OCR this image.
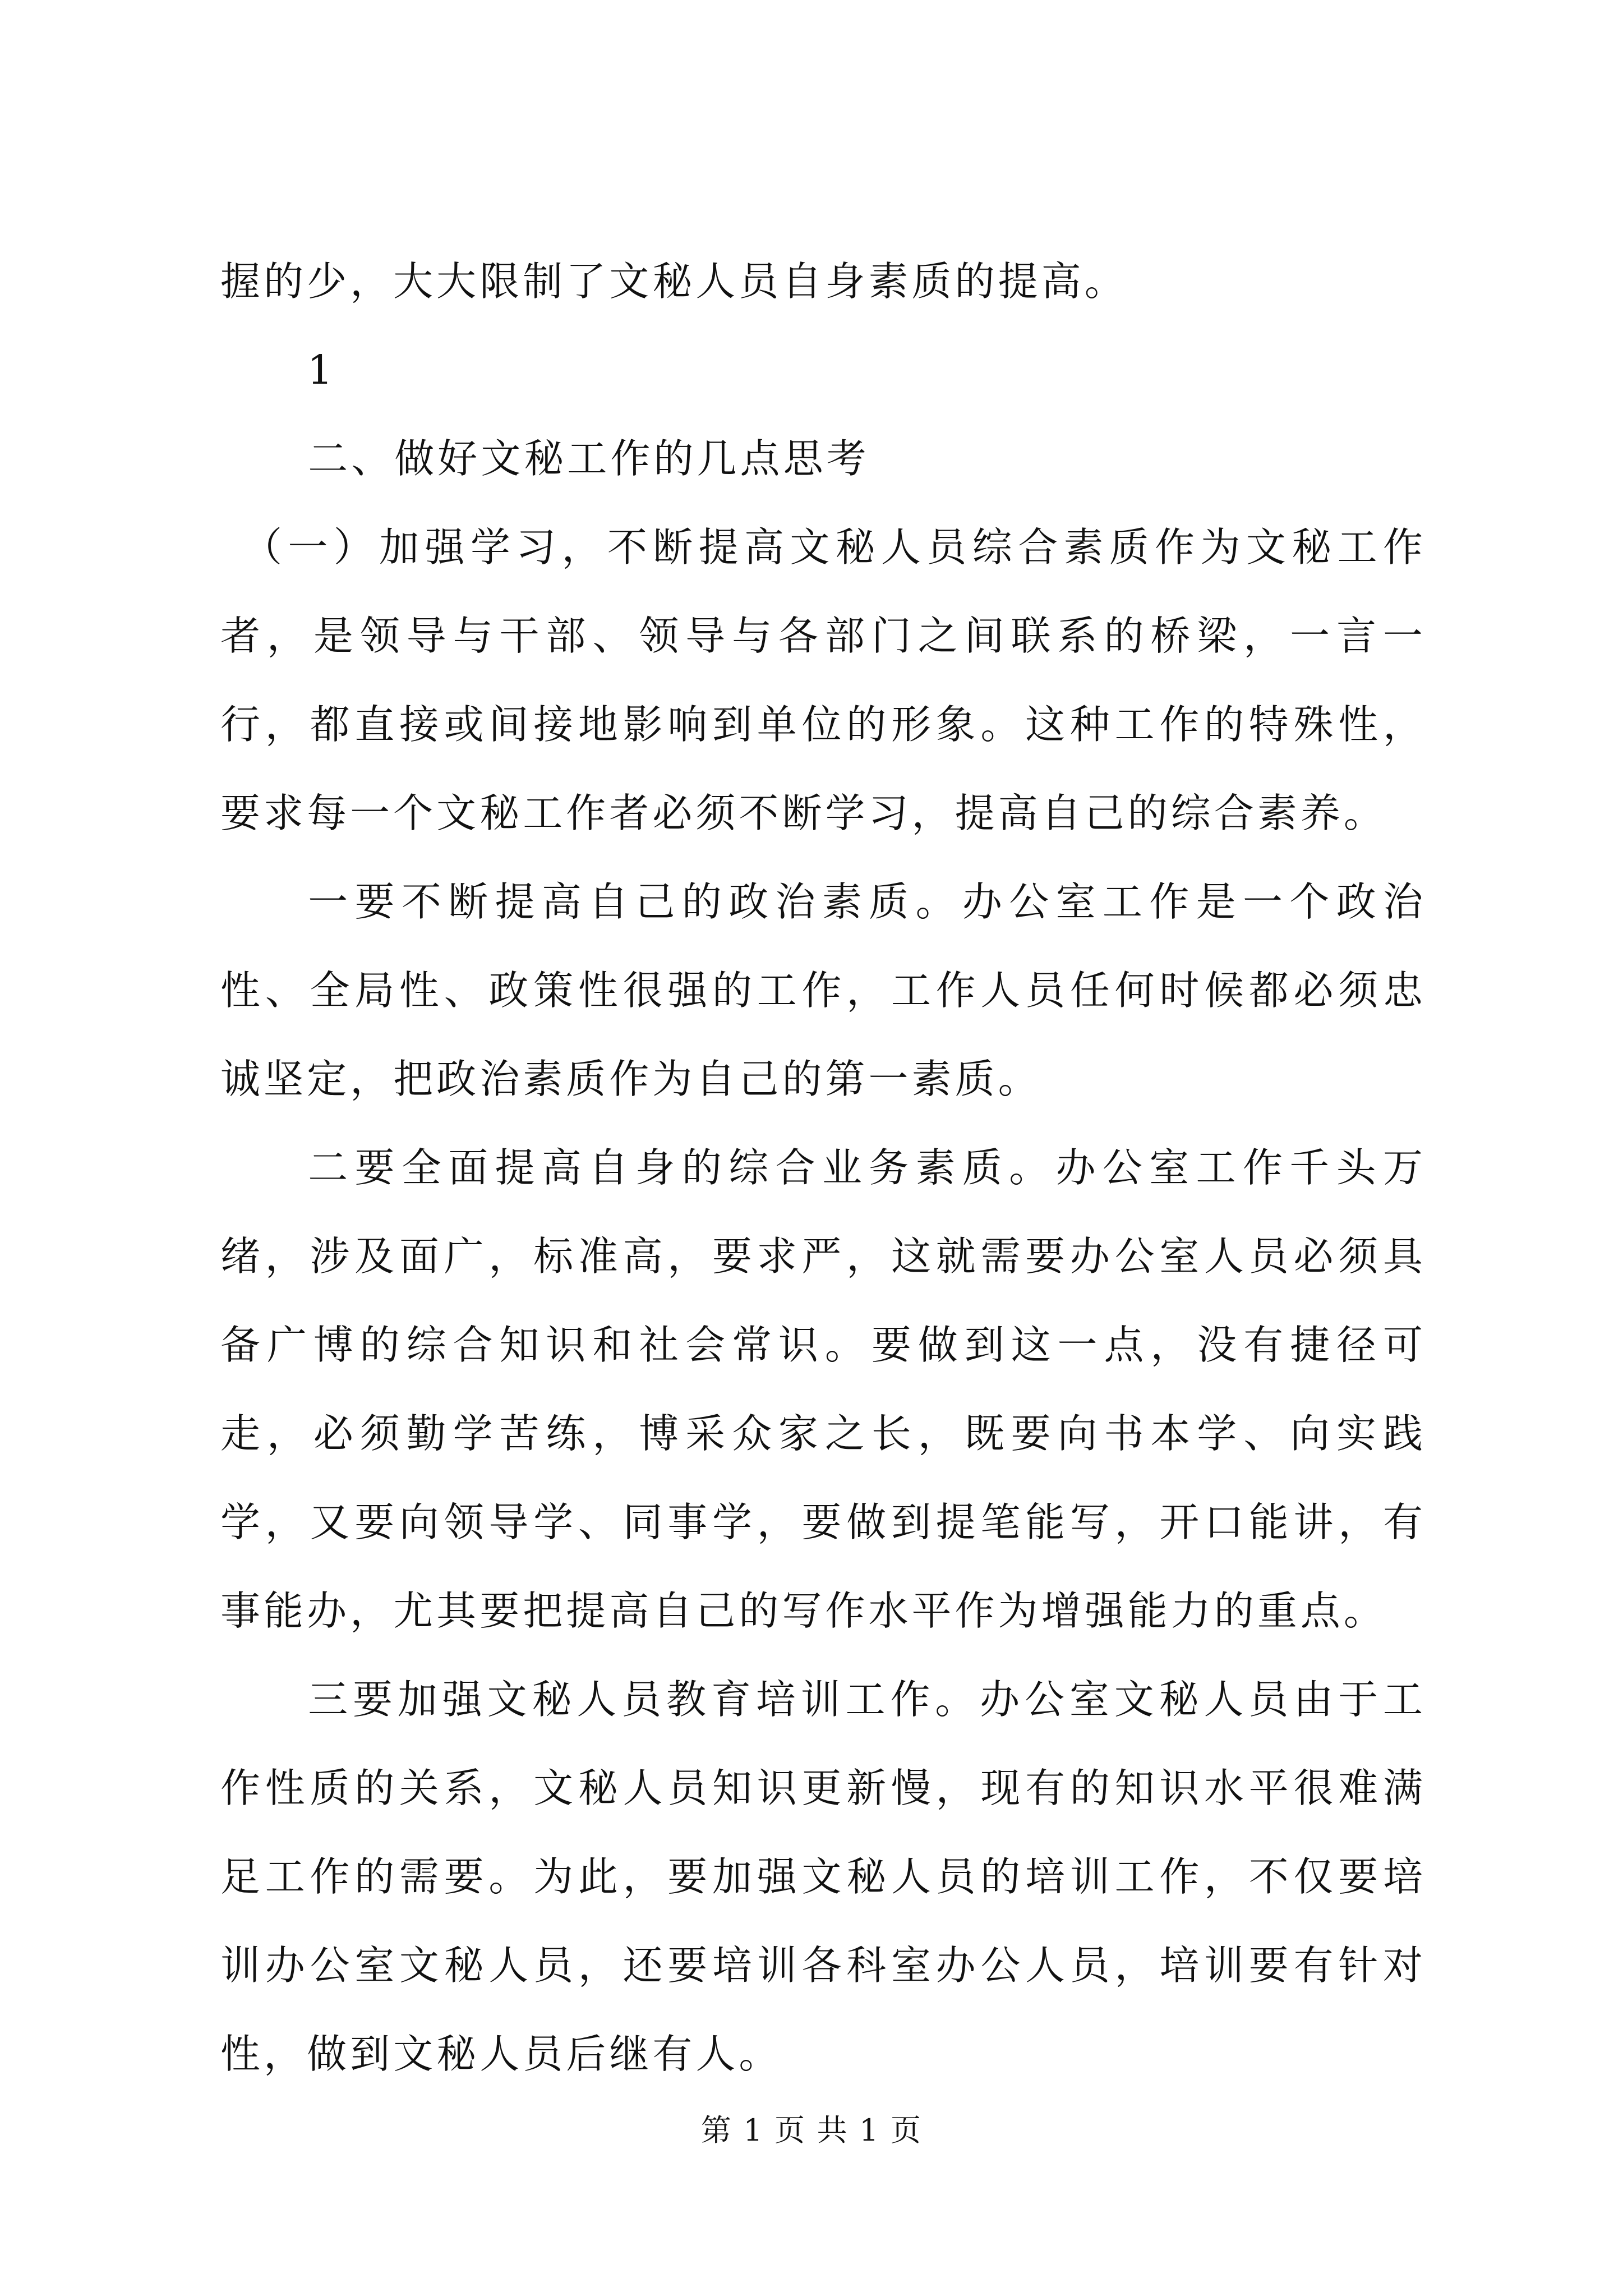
握的少，大大限制了文秘人员自身素质的提高。

1

二、做好文秘工作的几点思考

（一）加强学习，不断提高文秘人员综合素质作为文秘工作者，是领导与干部、领导与各部门之间联系的桥梁，一言一行，都直接或间接地影响到单位的形象。这种工作的特殊性，要求每一个文秘工作者必须不断学习，提高自己的综合素养。

一要不断提高自己的政治素质。办公室工作是一个政治性、全局性、政策性很强的工作，工作人员任何时候都必须忠诚坚定，把政治素质作为自己的第一素质。

二要全面提高自身的综合业务素质。办公室工作千头万绪，涉及面广，标准高，要求严，这就需要办公室人员必须具备广博的综合知识和社会常识。要做到这一点，没有捷径可走，必须勤学苦练，博采众家之长，既要向书本学、向实践学，又要向领导学、同事学，要做到提笔能写，开口能讲，有事能办，尤其要把提高自己的写作水平作为增强能力的重点。

三要加强文秘人员教育培训工作。办公室文秘人员由于工作性质的关系，文秘人员知识更新慢，现有的知识水平很难满足工作的需要。为此，要加强文秘人员的培训工作，不仅要培训办公室文秘人员，还要培训各科室办公人员，培训要有针对性，做到文秘人员后继有人。

第 1 页 共 1 页
